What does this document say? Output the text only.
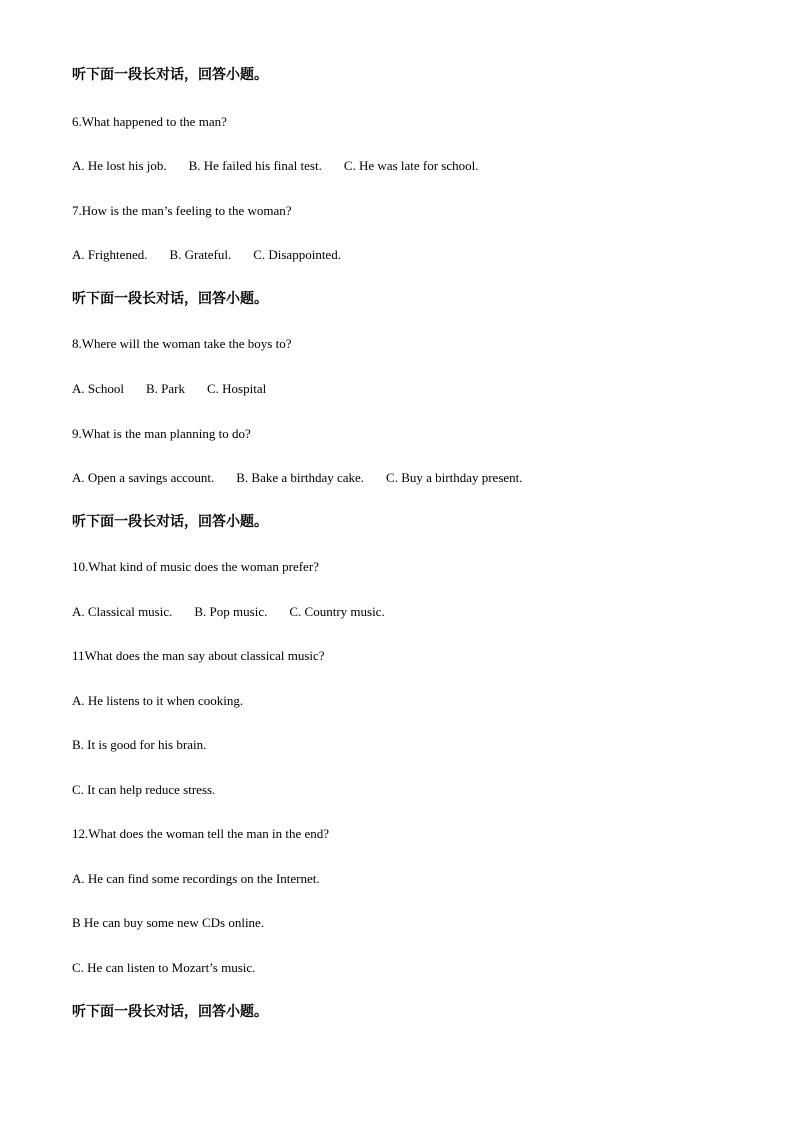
听下面一段长对话，回答小题。
6.What happened to the man?
A. He lost his job. B. He failed his final test. C. He was late for school.
7.How is the man’s feeling to the woman?
A. Frightened. B. Grateful. C. Disappointed.
听下面一段长对话，回答小题。
8.Where will the woman take the boys to?
A. School B. Park C. Hospital
9.What is the man planning to do?
A. Open a savings account. B. Bake a birthday cake. C. Buy a birthday present.
听下面一段长对话，回答小题。
10.What kind of music does the woman prefer?
A. Classical music. B. Pop music. C. Country music.
11What does the man say about classical music?
A. He listens to it when cooking.
B. It is good for his brain.
C. It can help reduce stress.
12.What does the woman tell the man in the end?
A. He can find some recordings on the Internet.
B He can buy some new CDs online.
C. He can listen to Mozart’s music.
听下面一段长对话，回答小题。
